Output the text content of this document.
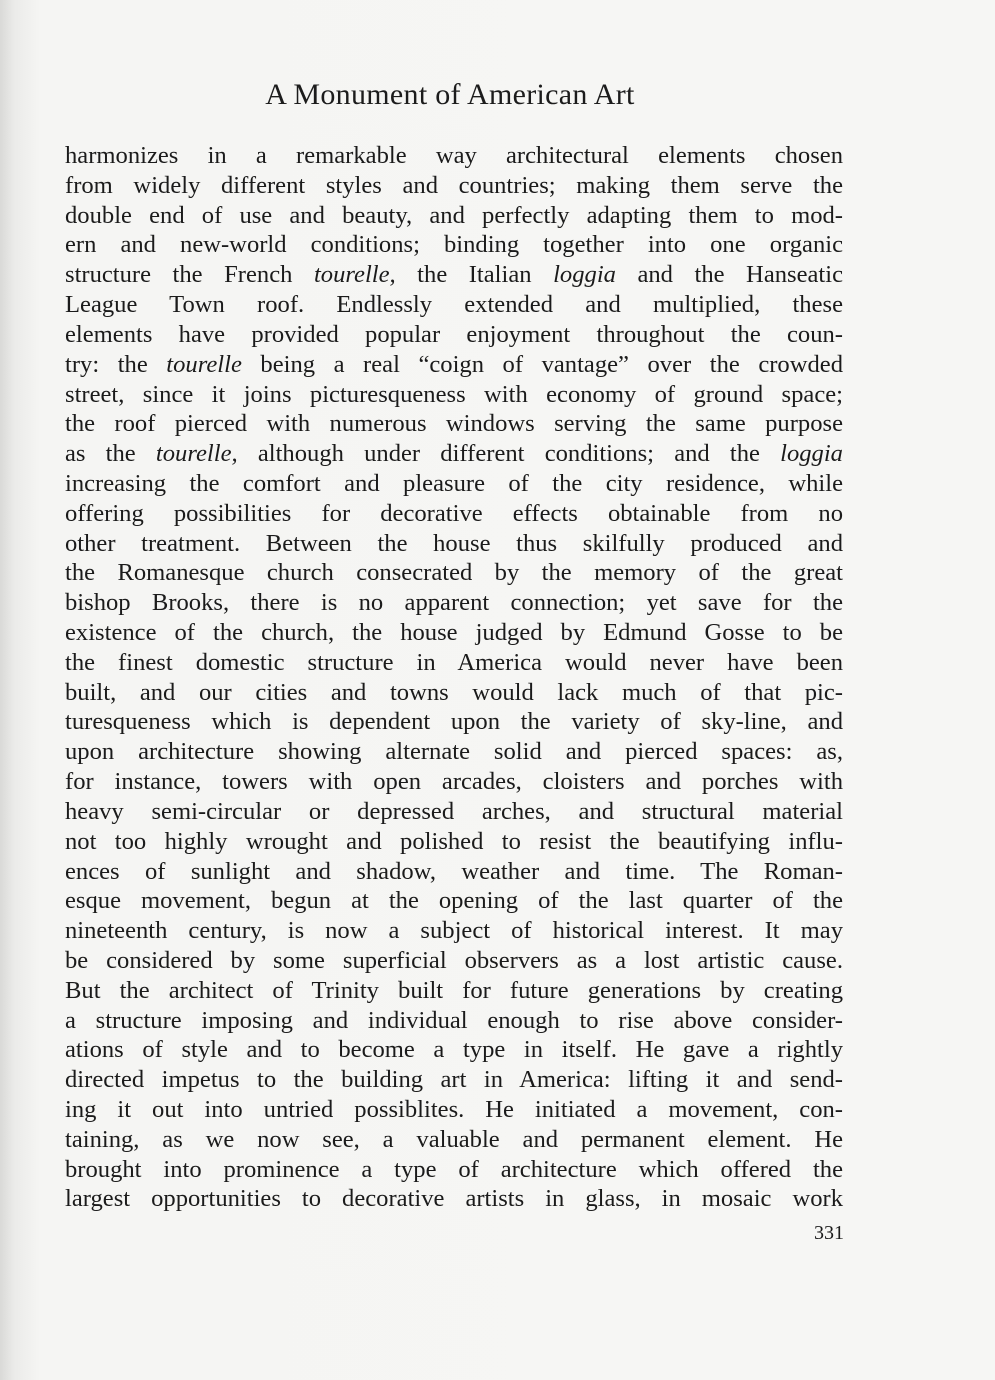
A Monument of American Art
harmonizes in a remarkable way architectural elements chosen
from widely different styles and countries; making them serve the
double end of use and beauty, and perfectly adapting them to mod-
ern and new-world conditions; binding together into one organic
structure the French tourelle, the Italian loggia and the Hanseatic
League Town roof. Endlessly extended and multiplied, these
elements have provided popular enjoyment throughout the coun-
try: the tourelle being a real “coign of vantage” over the crowded
street, since it joins picturesqueness with economy of ground space;
the roof pierced with numerous windows serving the same purpose
as the tourelle, although under different conditions; and the loggia
increasing the comfort and pleasure of the city residence, while
offering possibilities for decorative effects obtainable from no
other treatment. Between the house thus skilfully produced and
the Romanesque church consecrated by the memory of the great
bishop Brooks, there is no apparent connection; yet save for the
existence of the church, the house judged by Edmund Gosse to be
the finest domestic structure in America would never have been
built, and our cities and towns would lack much of that pic-
turesqueness which is dependent upon the variety of sky-line, and
upon architecture showing alternate solid and pierced spaces: as,
for instance, towers with open arcades, cloisters and porches with
heavy semi-circular or depressed arches, and structural material
not too highly wrought and polished to resist the beautifying influ-
ences of sunlight and shadow, weather and time. The Roman-
esque movement, begun at the opening of the last quarter of the
nineteenth century, is now a subject of historical interest. It may
be considered by some superficial observers as a lost artistic cause.
But the architect of Trinity built for future generations by creating
a structure imposing and individual enough to rise above consider-
ations of style and to become a type in itself. He gave a rightly
directed impetus to the building art in America: lifting it and send-
ing it out into untried possiblites. He initiated a movement, con-
taining, as we now see, a valuable and permanent element. He
brought into prominence a type of architecture which offered the
largest opportunities to decorative artists in glass, in mosaic work
331
